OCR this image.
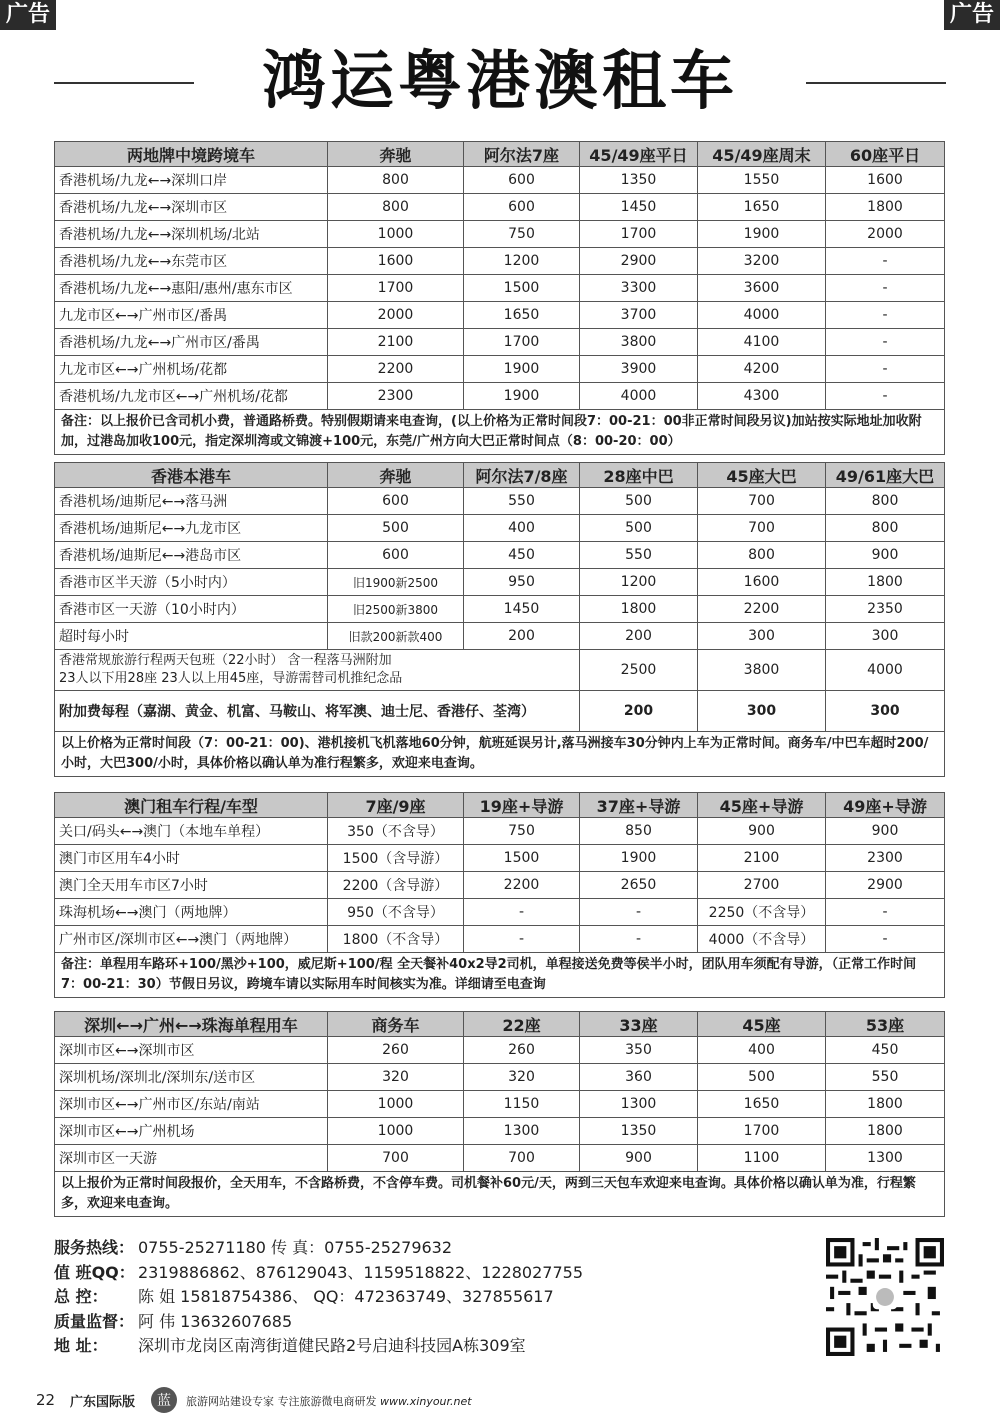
广告	广告
鸿运粤港澳租车
两地牌中境跨境车	奔驰	阿尔法7座	45/49座平日	45/49座周末	60座平日
香港机场/九龙←→深圳口岸	800	600	1350	1550	1600
香港机场/九龙←→深圳市区	800	600	1450	1650	1800
香港机场/九龙←→深圳机场/北站	1000	750	1700	1900	2000
香港机场/九龙←→东莞市区	1600	1200	2900	3200	-
香港机场/九龙←→惠阳/惠州/惠东市区	1700	1500	3300	3600	-
九龙市区←→广州市区/番禺	2000	1650	3700	4000	-
香港机场/九龙←→广州市区/番禺	2100	1700	3800	4100	-
九龙市区←→广州机场/花都	2200	1900	3900	4200	-
香港机场/九龙市区←→广州机场/花都	2300	1900	4000	4300	-
备注：以上报价已含司机小费，普通路桥费。特别假期请来电查询，(以上价格为正常时间段7：00-21：00非正常时间段另议)加站按实际地址加收附加，过港岛加收100元，指定深圳湾或文锦渡+100元，东莞/广州方向大巴正常时间点（8：00-20：00）					
香港本港车	奔驰	阿尔法7/8座	28座中巴	45座大巴	49/61座大巴
香港机场/迪斯尼←→落马洲	600	550	500	700	800
香港机场/迪斯尼←→九龙市区	500	400	500	700	800
香港机场/迪斯尼←→港岛市区	600	450	550	800	900
香港市区半天游（5小时内）	旧1900新2500	950	1200	1600	1800
香港市区一天游（10小时内）	旧2500新3800	1450	1800	2200	2350
超时每小时	旧款200新款400	200	200	300	300

香港常规旅游行程两天包班（22小时） 含一程落马洲附加
23人以下用28座 23人以上用45座，导游需替司机推纪念品			2500	3800	4000
附加费每程（嘉湖、黄金、机富、马鞍山、将军澳、迪士尼、香港仔、荃湾）			200	300	300
以上价格为正常时间段（7：00-21：00)、港机接机飞机落地60分钟，航班延误另计,落马洲接车30分钟内上车为正常时间。商务车/中巴车超时200/小时，大巴300/小时，具体价格以确认单为准行程繁多，欢迎来电查询。					
澳门租车行程/车型	7座/9座	19座+导游	37座+导游	45座+导游	49座+导游
关口/码头←→澳门（本地车单程）	350（不含导）	750	850	900	900
澳门市区用车4小时	1500（含导游）	1500	1900	2100	2300
澳门全天用车市区7小时	2200（含导游）	2200	2650	2700	2900
珠海机场←→澳门（两地牌）	950（不含导）	-	-	2250（不含导）	-
广州市区/深圳市区←→澳门（两地牌）	1800（不含导）	-	-	4000（不含导）	-
备注：单程用车路环+100/黑沙+100，威尼斯+100/程 全天餐补40x2导2司机，单程接送免费等侯半小时，团队用车须配有导游，（正常工作时间7：00-21：30）节假日另议，跨境车请以实际用车时间核实为准。详细请至电查询					
深圳←→广州←→珠海单程用车	商务车	22座	33座	45座	53座
深圳市区←→深圳市区	260	260	350	400	450
深圳机场/深圳北/深圳东/送市区	320	320	360	500	550
深圳市区←→广州市区/东站/南站	1000	1150	1300	1650	1800
深圳市区←→广州机场	1000	1300	1350	1700	1800
深圳市区一天游	700	700	900	1100	1300
以上报价为正常时间段报价，全天用车，不含路桥费，不含停车费。司机餐补60元/天，两到三天包车欢迎来电查询。具体价格以确认单为准，行程繁多，欢迎来电查询。					
服务热线： 0755-25271180 传 真：0755-25279632
值 班QQ： 2319886862、876129043、1159518822、1228027755
总 控： 陈 姐 15818754386、 QQ：472363749、327855617
质量监督： 阿 伟 13632607685
地 址： 深圳市龙岗区南湾街道健民路2号启迪科技园A栋309室
22 广东国际版 蓝 旅游网站建设专家 专注旅游微电商研发 www.xinyour.net
